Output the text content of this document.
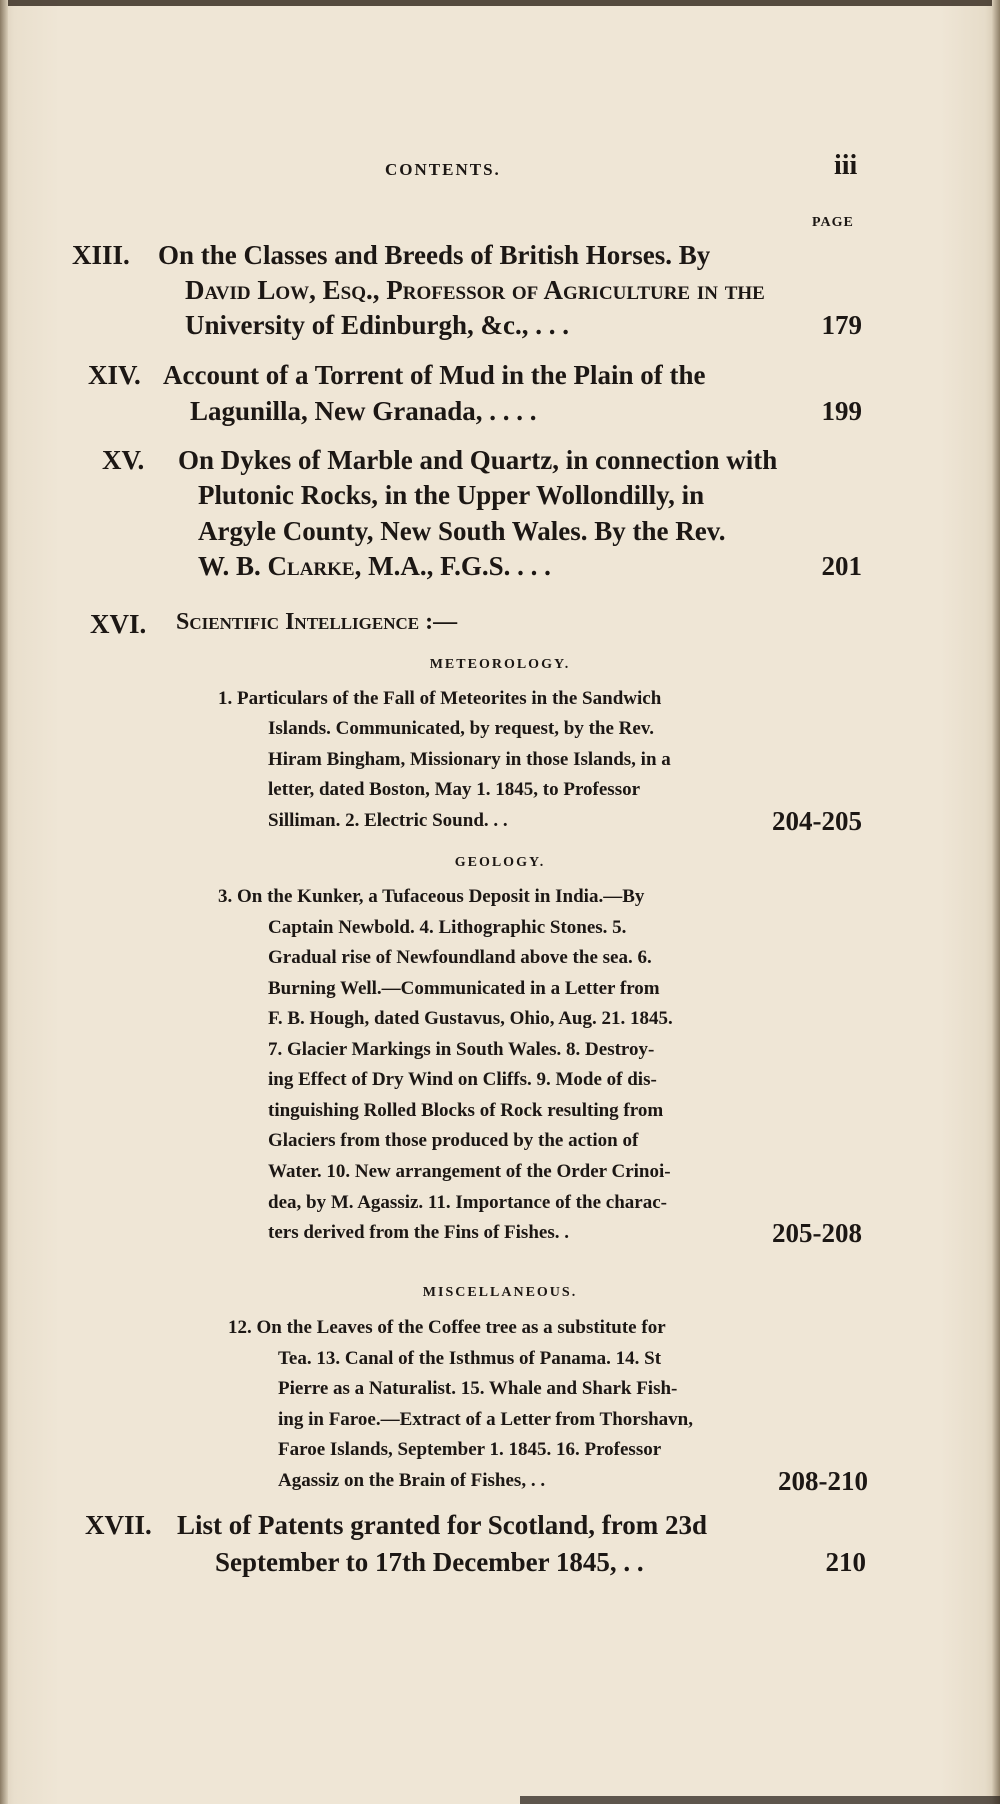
CONTENTS.	iii
PAGE
XIII. On the Classes and Breeds of British Horses. By
David Low, Esq., Professor of Agriculture in the
University of Edinburgh, &c., . . .	179
XIV. Account of a Torrent of Mud in the Plain of the
Lagunilla, New Granada, . . . .	199
XV. On Dykes of Marble and Quartz, in connection with
Plutonic Rocks, in the Upper Wollondilly, in
Argyle County, New South Wales. By the Rev.
W. B. Clarke, M.A., F.G.S. . . .	201
XVI. Scientific Intelligence :—
METEOROLOGY.
1. Particulars of the Fall of Meteorites in the Sandwich
Islands. Communicated, by request, by the Rev.
Hiram Bingham, Missionary in those Islands, in a
letter, dated Boston, May 1. 1845, to Professor
Silliman. 2. Electric Sound. . .	204-205
GEOLOGY.
3. On the Kunker, a Tufaceous Deposit in India.—By
Captain Newbold. 4. Lithographic Stones. 5.
Gradual rise of Newfoundland above the sea. 6.
Burning Well.—Communicated in a Letter from
F. B. Hough, dated Gustavus, Ohio, Aug. 21. 1845.
7. Glacier Markings in South Wales. 8. Destroy-
ing Effect of Dry Wind on Cliffs. 9. Mode of dis-
tinguishing Rolled Blocks of Rock resulting from
Glaciers from those produced by the action of
Water. 10. New arrangement of the Order Crinoi-
dea, by M. Agassiz. 11. Importance of the charac-
ters derived from the Fins of Fishes. .	205-208
MISCELLANEOUS.
12. On the Leaves of the Coffee tree as a substitute for
Tea. 13. Canal of the Isthmus of Panama. 14. St
Pierre as a Naturalist. 15. Whale and Shark Fish-
ing in Faroe.—Extract of a Letter from Thorshavn,
Faroe Islands, September 1. 1845. 16. Professor
Agassiz on the Brain of Fishes, . .	208-210
XVII. List of Patents granted for Scotland, from 23d
September to 17th December 1845, . .	210
